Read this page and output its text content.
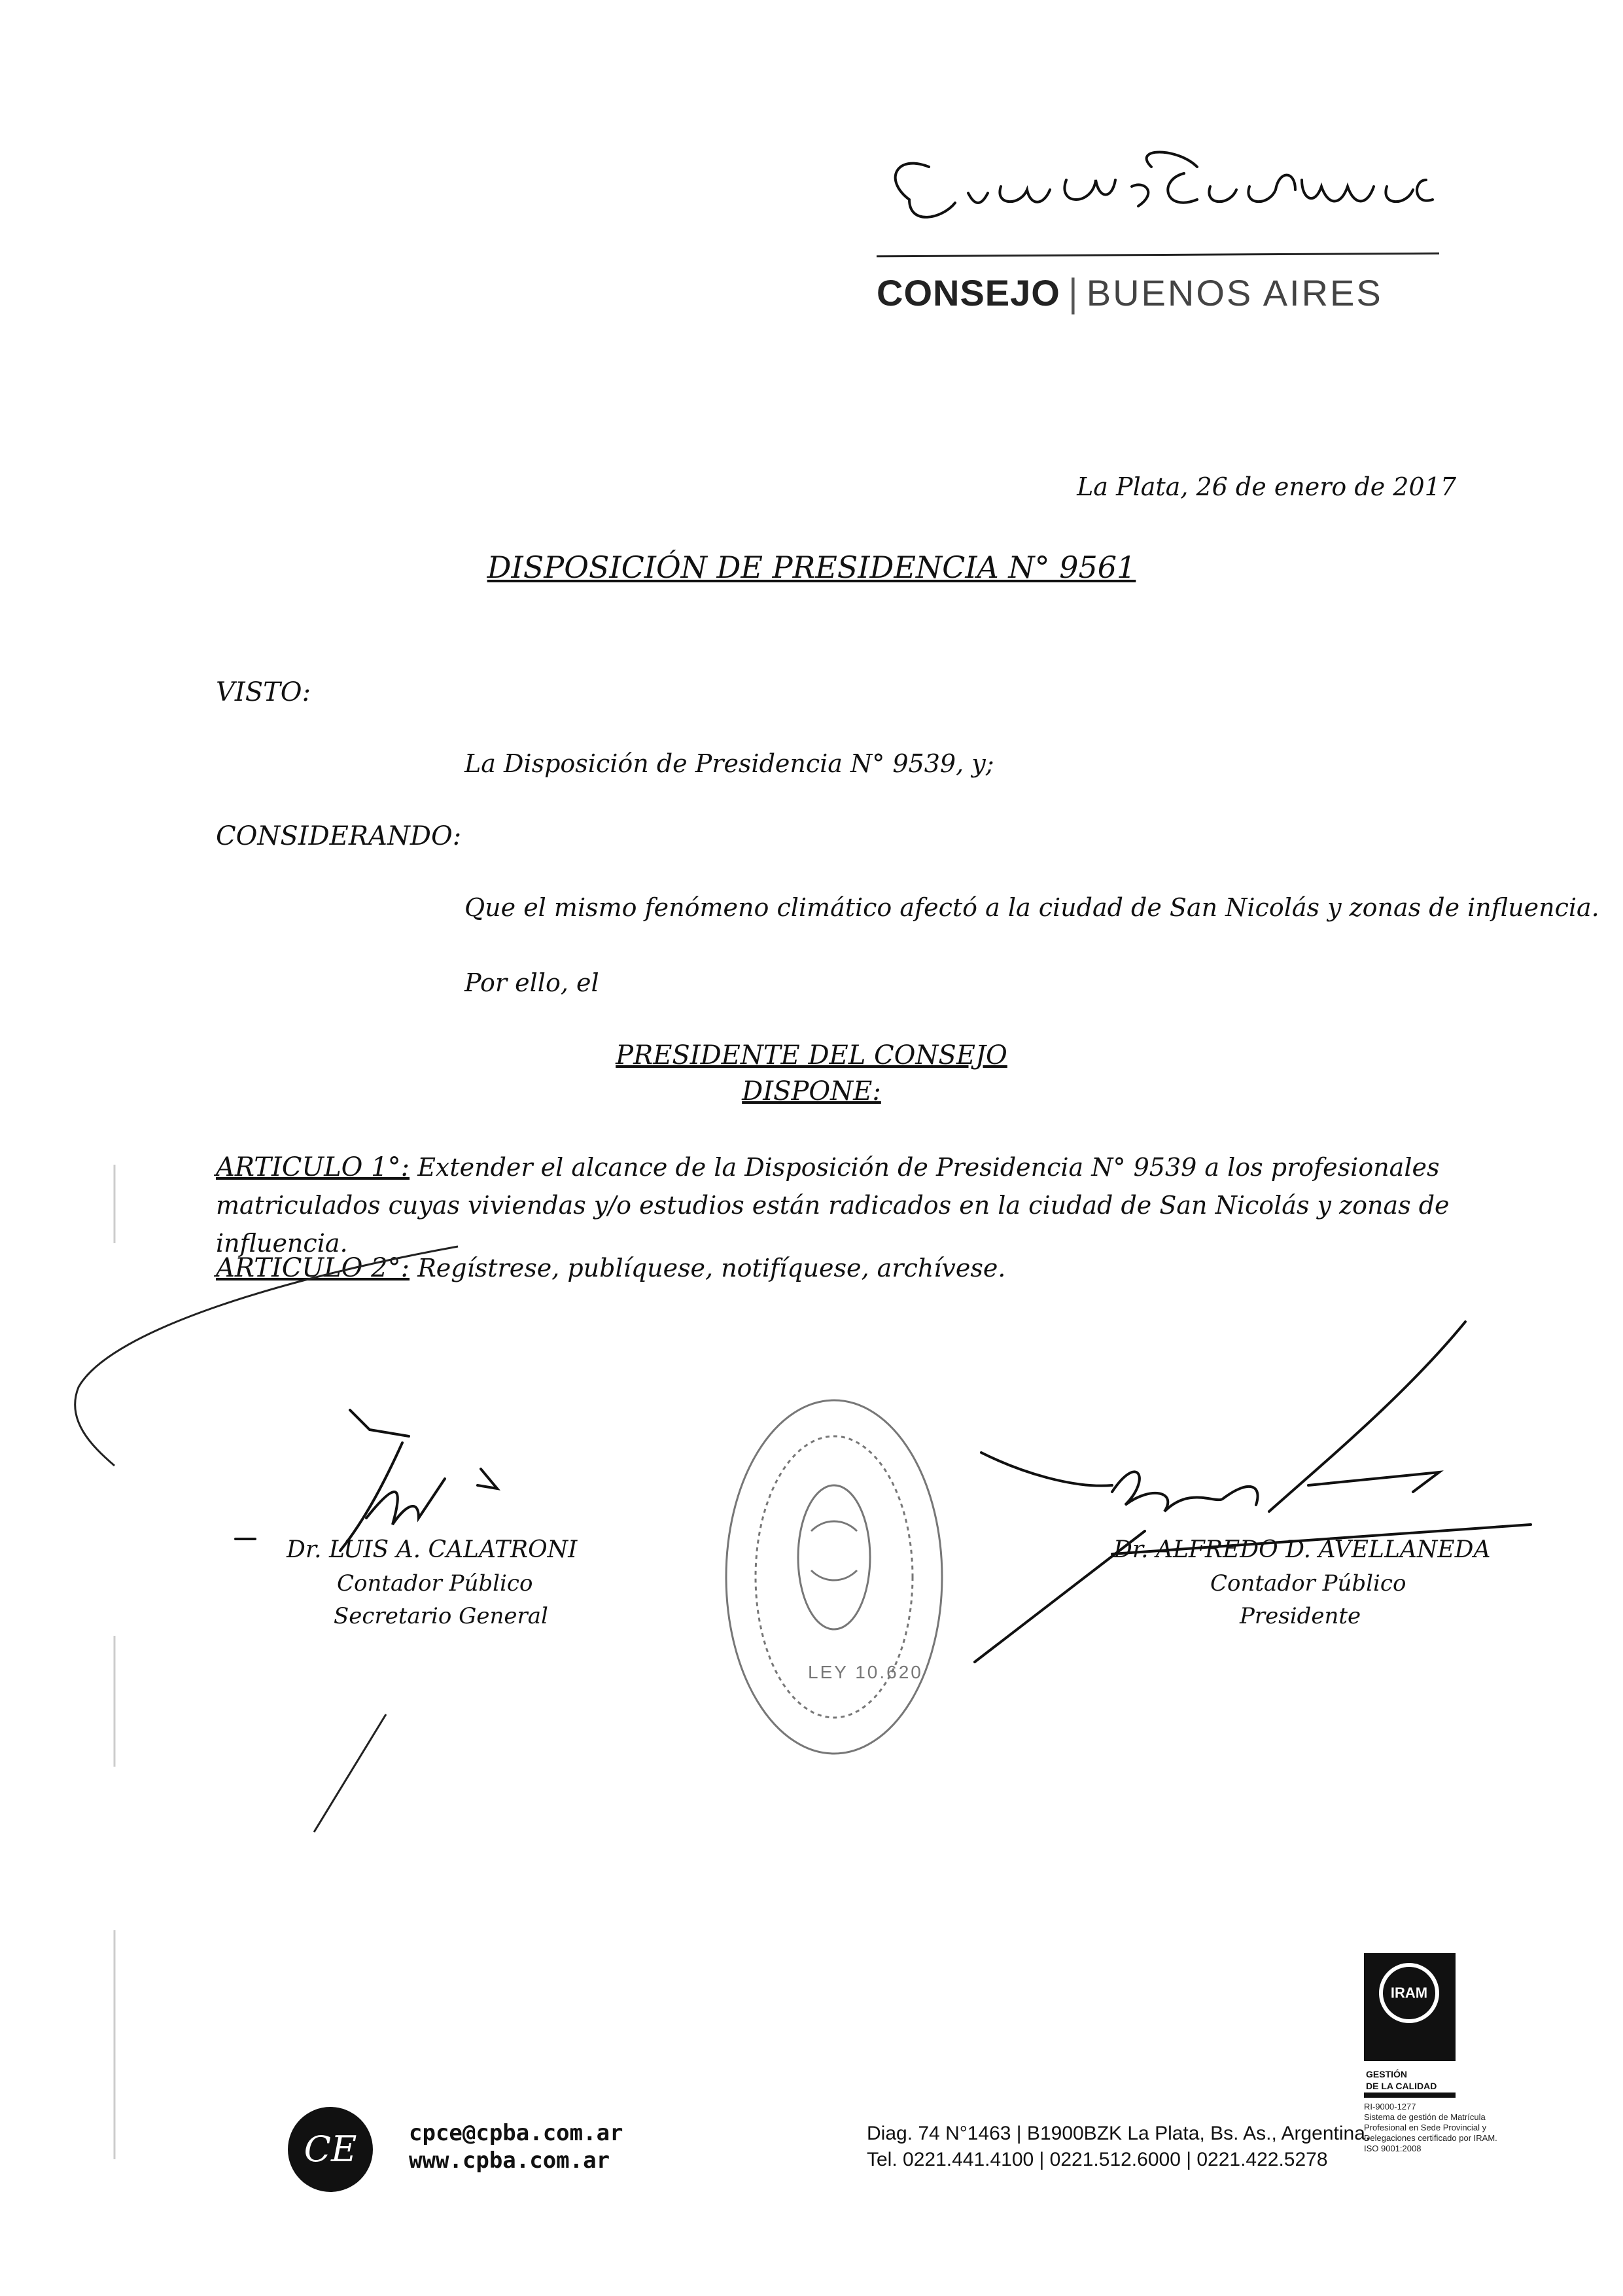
CONSEJO | BUENOS AIRES
La Plata, 26 de enero de 2017
DISPOSICIÓN DE PRESIDENCIA N° 9561
VISTO:
La Disposición de Presidencia N° 9539, y;
CONSIDERANDO:
Que el mismo fenómeno climático afectó a la ciudad de San Nicolás y zonas de influencia.
Por ello, el
PRESIDENTE DEL CONSEJO
DISPONE:
ARTICULO 1°: Extender el alcance de la Disposición de Presidencia N° 9539 a los profesionales matriculados cuyas viviendas y/o estudios están radicados en la ciudad de San Nicolás y zonas de influencia.
ARTICULO 2°: Regístrese, publíquese, notifíquese, archívese.
LEY 10.620
Dr. LUIS A. CALATRONI
Contador Público
Secretario General
Dr. ALFREDO D. AVELLANEDA
Contador Público
Presidente
IRAM
GESTIÓN
DE LA CALIDAD
RI-9000-1277
Sistema de gestión de Matrícula
Profesional en Sede Provincial y
Delegaciones certificado por IRAM.
ISO 9001:2008
CE	cpce@cpba.com.ar
www.cpba.com.ar
Diag. 74 N°1463 | B1900BZK La Plata, Bs. As., Argentina.
Tel. 0221.441.4100 | 0221.512.6000 | 0221.422.5278
